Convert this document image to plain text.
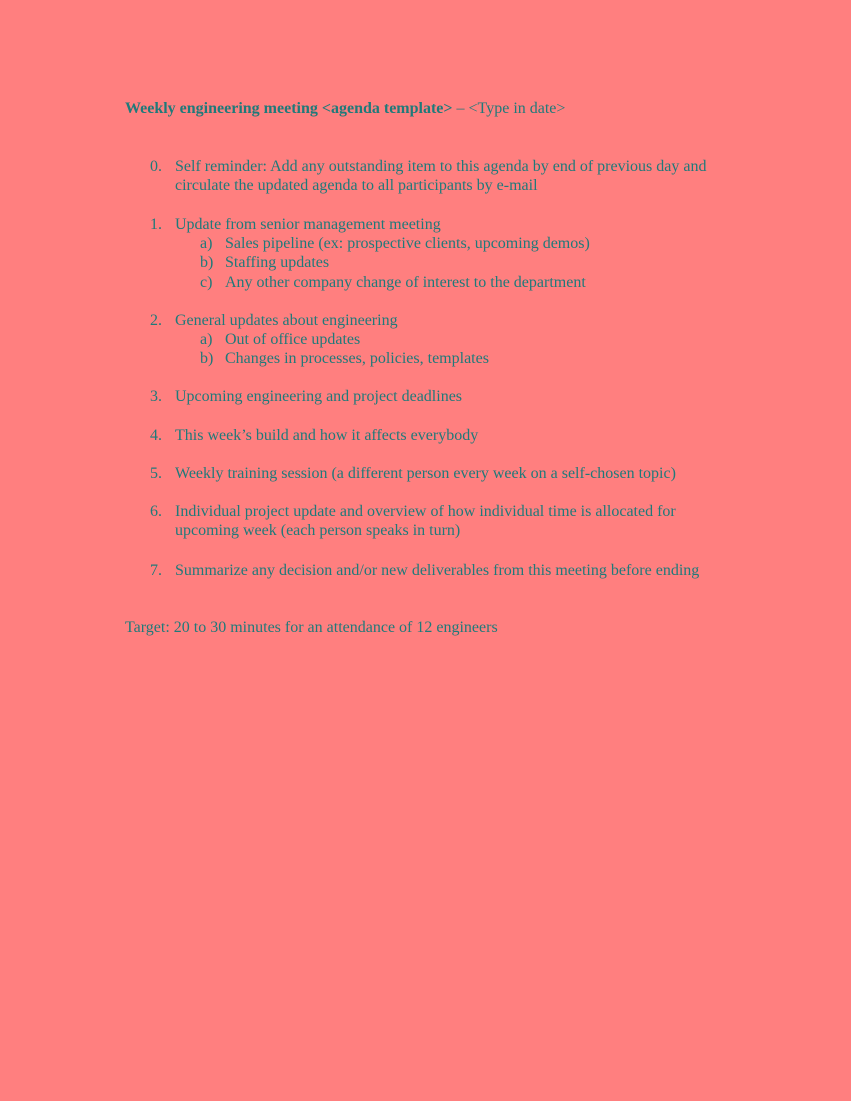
Weekly engineering meeting <agenda template> – <Type in date>
0. Self reminder: Add any outstanding item to this agenda by end of previous day and circulate the updated agenda to all participants by e-mail
1. Update from senior management meeting
a) Sales pipeline (ex: prospective clients, upcoming demos)
b) Staffing updates
c) Any other company change of interest to the department
2. General updates about engineering
a) Out of office updates
b) Changes in processes, policies, templates
3. Upcoming engineering and project deadlines
4. This week’s build and how it affects everybody
5. Weekly training session (a different person every week on a self-chosen topic)
6. Individual project update and overview of how individual time is allocated for upcoming week (each person speaks in turn)
7. Summarize any decision and/or new deliverables from this meeting before ending
Target: 20 to 30 minutes for an attendance of 12 engineers
